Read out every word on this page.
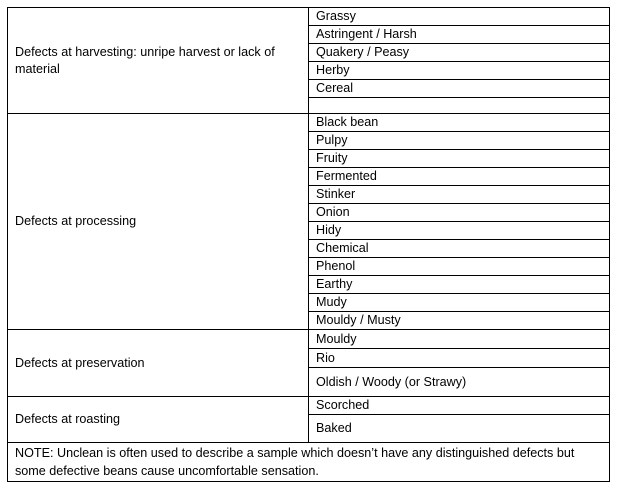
Defects at harvesting: unripe harvest or lack of material	Grassy
	Astringent / Harsh
	Quakery / Peasy
	Herby
	Cereal

Defects at processing	Black bean
	Pulpy
	Fruity
	Fermented
	Stinker
	Onion
	Hidy
	Chemical
	Phenol
	Earthy
	Mudy
	Mouldy / Musty
Defects at preservation	Mouldy
	Rio
	Oldish / Woody (or Strawy)
Defects at roasting	Scorched
	Baked
NOTE: Unclean is often used to describe a sample which doesn’t have any distinguished defects but some defective beans cause uncomfortable sensation.	
